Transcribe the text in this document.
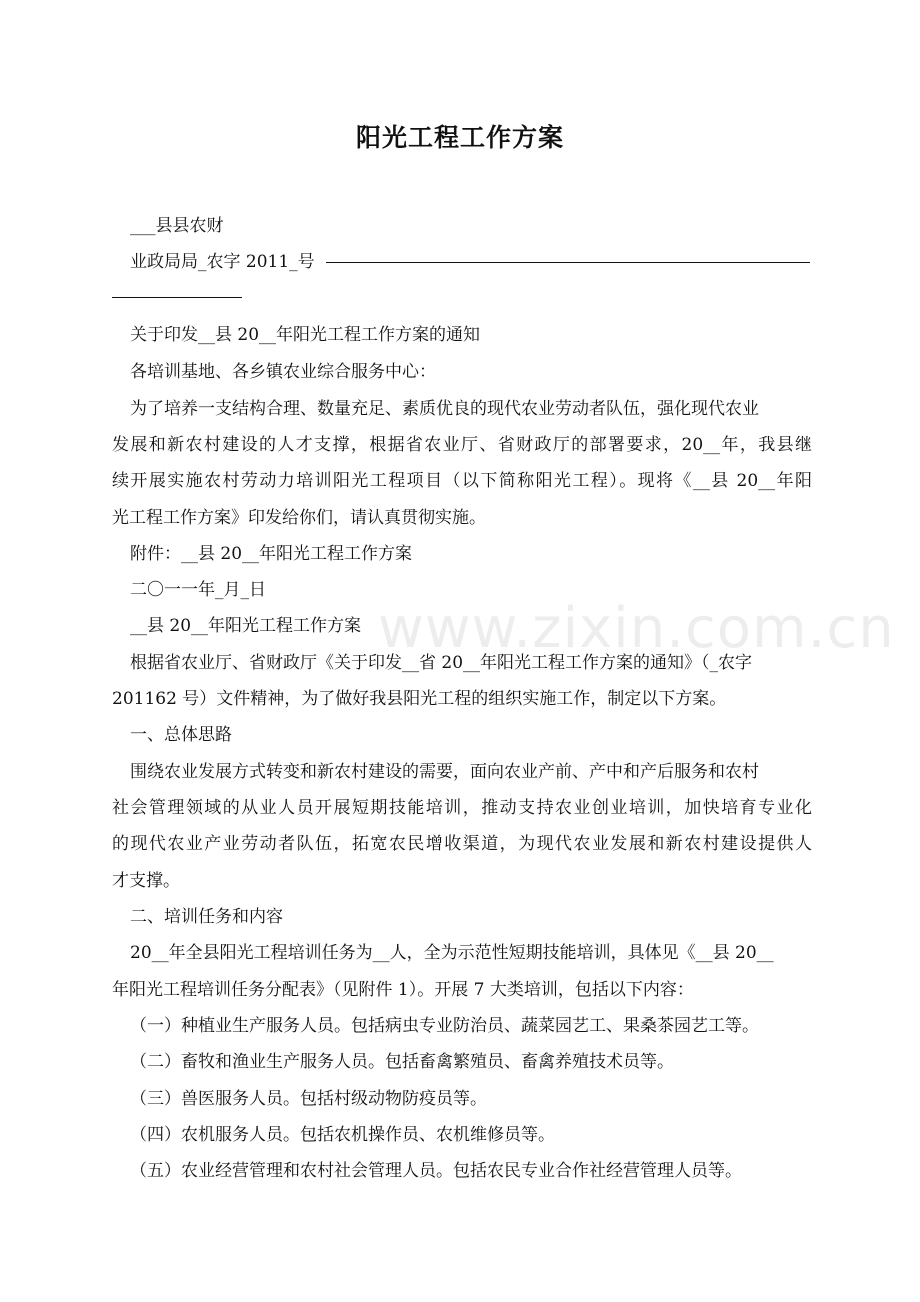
www.zixin.com.cn
阳光工程工作方案
___县县农财
业政局局_农字 2011_号
关于印发__县 20__年阳光工程工作方案的通知
各培训基地、各乡镇农业综合服务中心：
为了培养一支结构合理、数量充足、素质优良的现代农业劳动者队伍，强化现代农业
发展和新农村建设的人才支撑，根据省农业厅、省财政厅的部署要求，20__年，我县继
续开展实施农村劳动力培训阳光工程项目（以下简称阳光工程）。现将《__县 20__年阳
光工程工作方案》印发给你们，请认真贯彻实施。
附件：__县 20__年阳光工程工作方案
二〇一一年_月_日
__县 20__年阳光工程工作方案
根据省农业厅、省财政厅《关于印发__省 20__年阳光工程工作方案的通知》（_农字
201162 号）文件精神，为了做好我县阳光工程的组织实施工作，制定以下方案。
一、总体思路
围绕农业发展方式转变和新农村建设的需要，面向农业产前、产中和产后服务和农村
社会管理领域的从业人员开展短期技能培训，推动支持农业创业培训，加快培育专业化
的现代农业产业劳动者队伍，拓宽农民增收渠道，为现代农业发展和新农村建设提供人
才支撑。
二、培训任务和内容
20__年全县阳光工程培训任务为__人，全为示范性短期技能培训，具体见《__县 20__
年阳光工程培训任务分配表》（见附件 1）。开展 7 大类培训，包括以下内容：
（一）种植业生产服务人员。包括病虫专业防治员、蔬菜园艺工、果桑茶园艺工等。
（二）畜牧和渔业生产服务人员。包括畜禽繁殖员、畜禽养殖技术员等。
（三）兽医服务人员。包括村级动物防疫员等。
（四）农机服务人员。包括农机操作员、农机维修员等。
（五）农业经营管理和农村社会管理人员。包括农民专业合作社经营管理人员等。
